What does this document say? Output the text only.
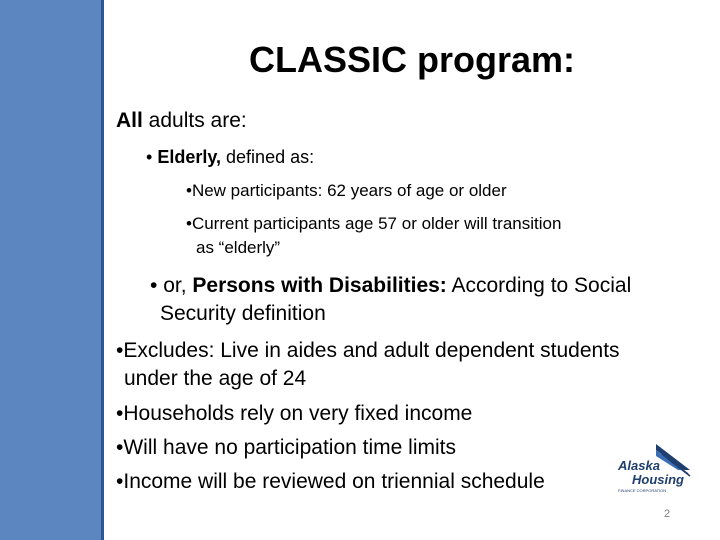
CLASSIC program:
All adults are:
• Elderly, defined as:
•New participants: 62 years of age or older
•Current participants age 57 or older will transition
as “elderly”
• or, Persons with Disabilities: According to Social
Security definition
•Excludes: Live in aides and adult dependent students
under the age of 24
•Households rely on very fixed income
•Will have no participation time limits
•Income will be reviewed on triennial schedule
Alaska
Housing
FINANCE CORPORATION
2
